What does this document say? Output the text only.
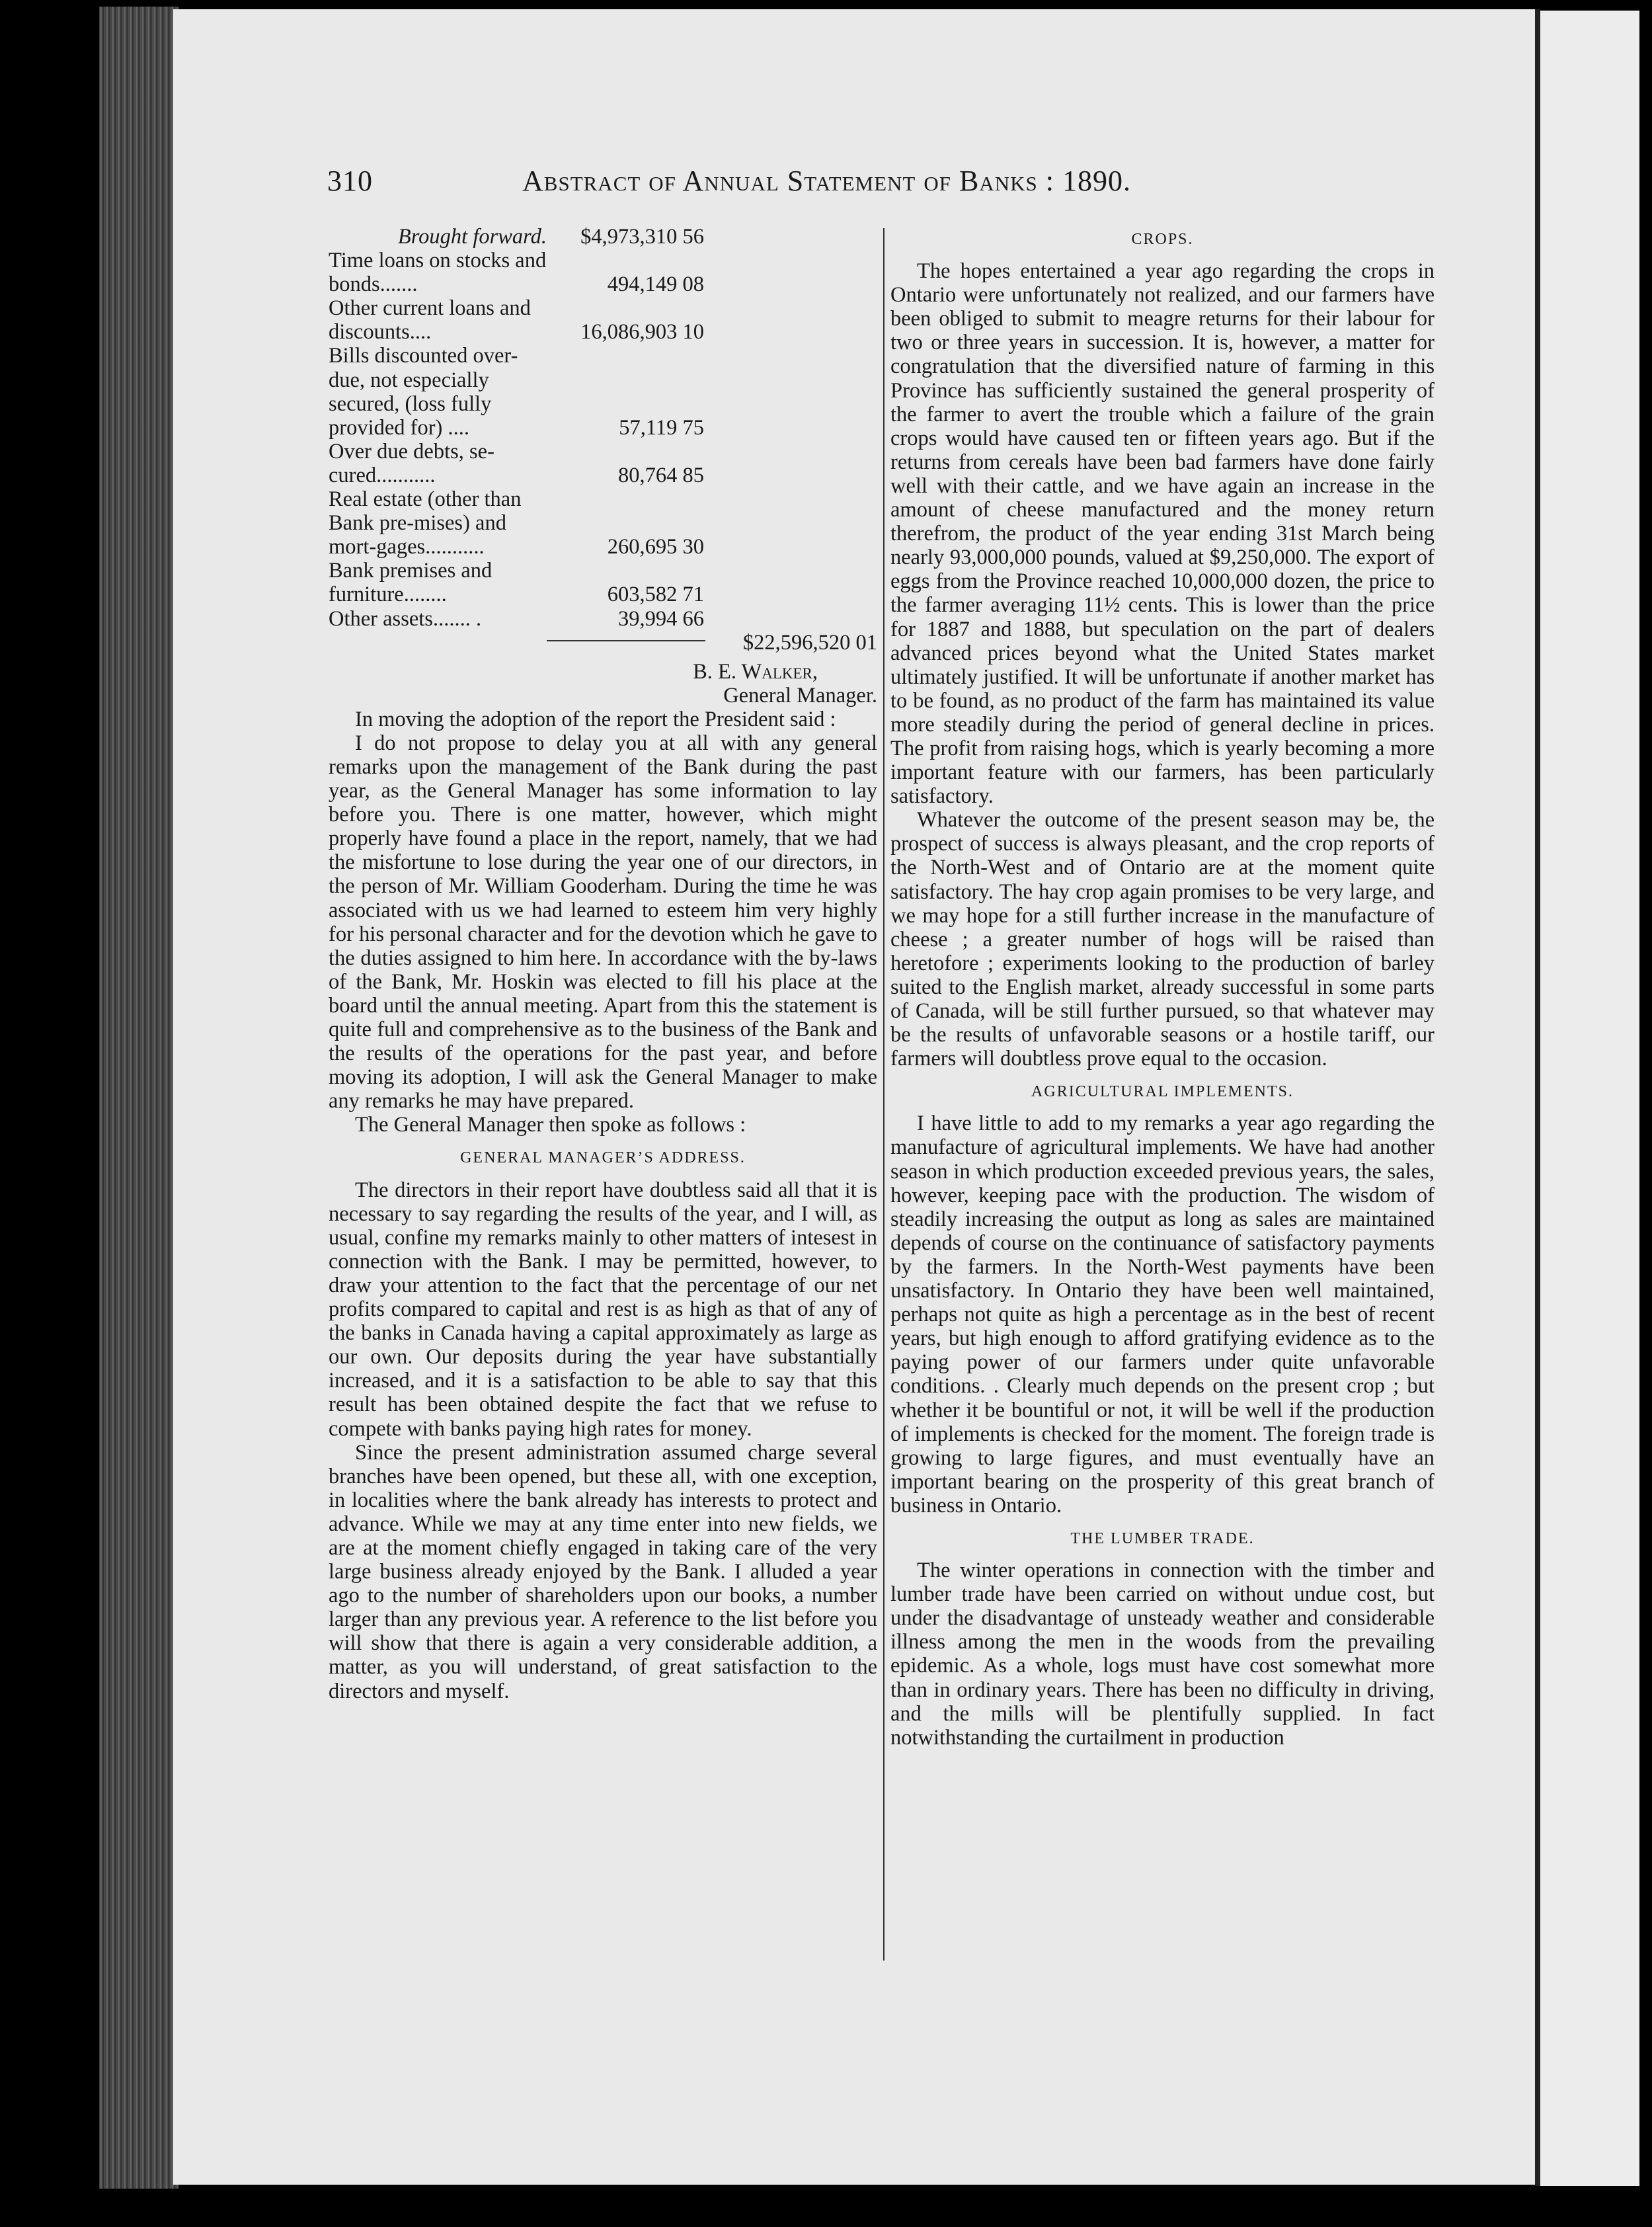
310	Abstract of Annual Statement of Banks : 1890.
Brought forward. $4,973,310 56
Time loans on stocks and bonds.......	494,149 08
Other current loans and discounts....	16,086,903 10
Bills discounted over-due, not especially secured, (loss fully provided for) ....	57,119 75
Over due debts, se-cured...........	80,764 85
Real estate (other than Bank pre-mises) and mort-gages...........	260,695 30
Bank premises and furniture........	603,582 71
Other assets....... .	39,994 66
$22,596,520 01
B. E. Walker,
General Manager.

In moving the adoption of the report the President said :

I do not propose to delay you at all with any general remarks upon the management of the Bank during the past year, as the General Manager has some information to lay before you. There is one matter, however, which might properly have found a place in the report, namely, that we had the misfortune to lose during the year one of our directors, in the person of Mr. William Gooderham. During the time he was associated with us we had learned to esteem him very highly for his personal character and for the devotion which he gave to the duties assigned to him here. In accordance with the by-laws of the Bank, Mr. Hoskin was elected to fill his place at the board until the annual meeting. Apart from this the statement is quite full and comprehensive as to the business of the Bank and the results of the operations for the past year, and before moving its adoption, I will ask the General Manager to make any remarks he may have prepared.

The General Manager then spoke as follows :

GENERAL MANAGER’S ADDRESS.

The directors in their report have doubtless said all that it is necessary to say regarding the results of the year, and I will, as usual, confine my remarks mainly to other matters of intesest in connection with the Bank. I may be permitted, however, to draw your attention to the fact that the percentage of our net profits compared to capital and rest is as high as that of any of the banks in Canada having a capital approximately as large as our own. Our deposits during the year have substantially increased, and it is a satisfaction to be able to say that this result has been obtained despite the fact that we refuse to compete with banks paying high rates for money.

Since the present administration assumed charge several branches have been opened, but these all, with one exception, in localities where the bank already has interests to protect and advance. While we may at any time enter into new fields, we are at the moment chiefly engaged in taking care of the very large business already enjoyed by the Bank. I alluded a year ago to the number of shareholders upon our books, a number larger than any previous year. A reference to the list before you will show that there is again a very considerable addition, a matter, as you will understand, of great satisfaction to the directors and myself.

CROPS.

The hopes entertained a year ago regarding the crops in Ontario were unfortunately not realized, and our farmers have been obliged to submit to meagre returns for their labour for two or three years in succession. It is, however, a matter for congratulation that the diversified nature of farming in this Province has sufficiently sustained the general prosperity of the farmer to avert the trouble which a failure of the grain crops would have caused ten or fifteen years ago. But if the returns from cereals have been bad farmers have done fairly well with their cattle, and we have again an increase in the amount of cheese manufactured and the money return therefrom, the product of the year ending 31st March being nearly 93,000,000 pounds, valued at $9,250,000. The export of eggs from the Province reached 10,000,000 dozen, the price to the farmer averaging 11½ cents. This is lower than the price for 1887 and 1888, but speculation on the part of dealers advanced prices beyond what the United States market ultimately justified. It will be unfortunate if another market has to be found, as no product of the farm has maintained its value more steadily during the period of general decline in prices. The profit from raising hogs, which is yearly becoming a more important feature with our farmers, has been particularly satisfactory.

Whatever the outcome of the present season may be, the prospect of success is always pleasant, and the crop reports of the North-West and of Ontario are at the moment quite satisfactory. The hay crop again promises to be very large, and we may hope for a still further increase in the manufacture of cheese ; a greater number of hogs will be raised than heretofore ; experiments looking to the production of barley suited to the English market, already successful in some parts of Canada, will be still further pursued, so that whatever may be the results of unfavorable seasons or a hostile tariff, our farmers will doubtless prove equal to the occasion.

AGRICULTURAL IMPLEMENTS.

I have little to add to my remarks a year ago regarding the manufacture of agricultural implements. We have had another season in which production exceeded previous years, the sales, however, keeping pace with the production. The wisdom of steadily increasing the output as long as sales are maintained depends of course on the continuance of satisfactory payments by the farmers. In the North-West payments have been unsatisfactory. In Ontario they have been well maintained, perhaps not quite as high a percentage as in the best of recent years, but high enough to afford gratifying evidence as to the paying power of our farmers under quite unfavorable conditions. . Clearly much depends on the present crop ; but whether it be bountiful or not, it will be well if the production of implements is checked for the moment. The foreign trade is growing to large figures, and must eventually have an important bearing on the prosperity of this great branch of business in Ontario.

THE LUMBER TRADE.

The winter operations in connection with the timber and lumber trade have been carried on without undue cost, but under the disadvantage of unsteady weather and considerable illness among the men in the woods from the prevailing epidemic. As a whole, logs must have cost somewhat more than in ordinary years. There has been no difficulty in driving, and the mills will be plentifully supplied. In fact notwithstanding the curtailment in production
